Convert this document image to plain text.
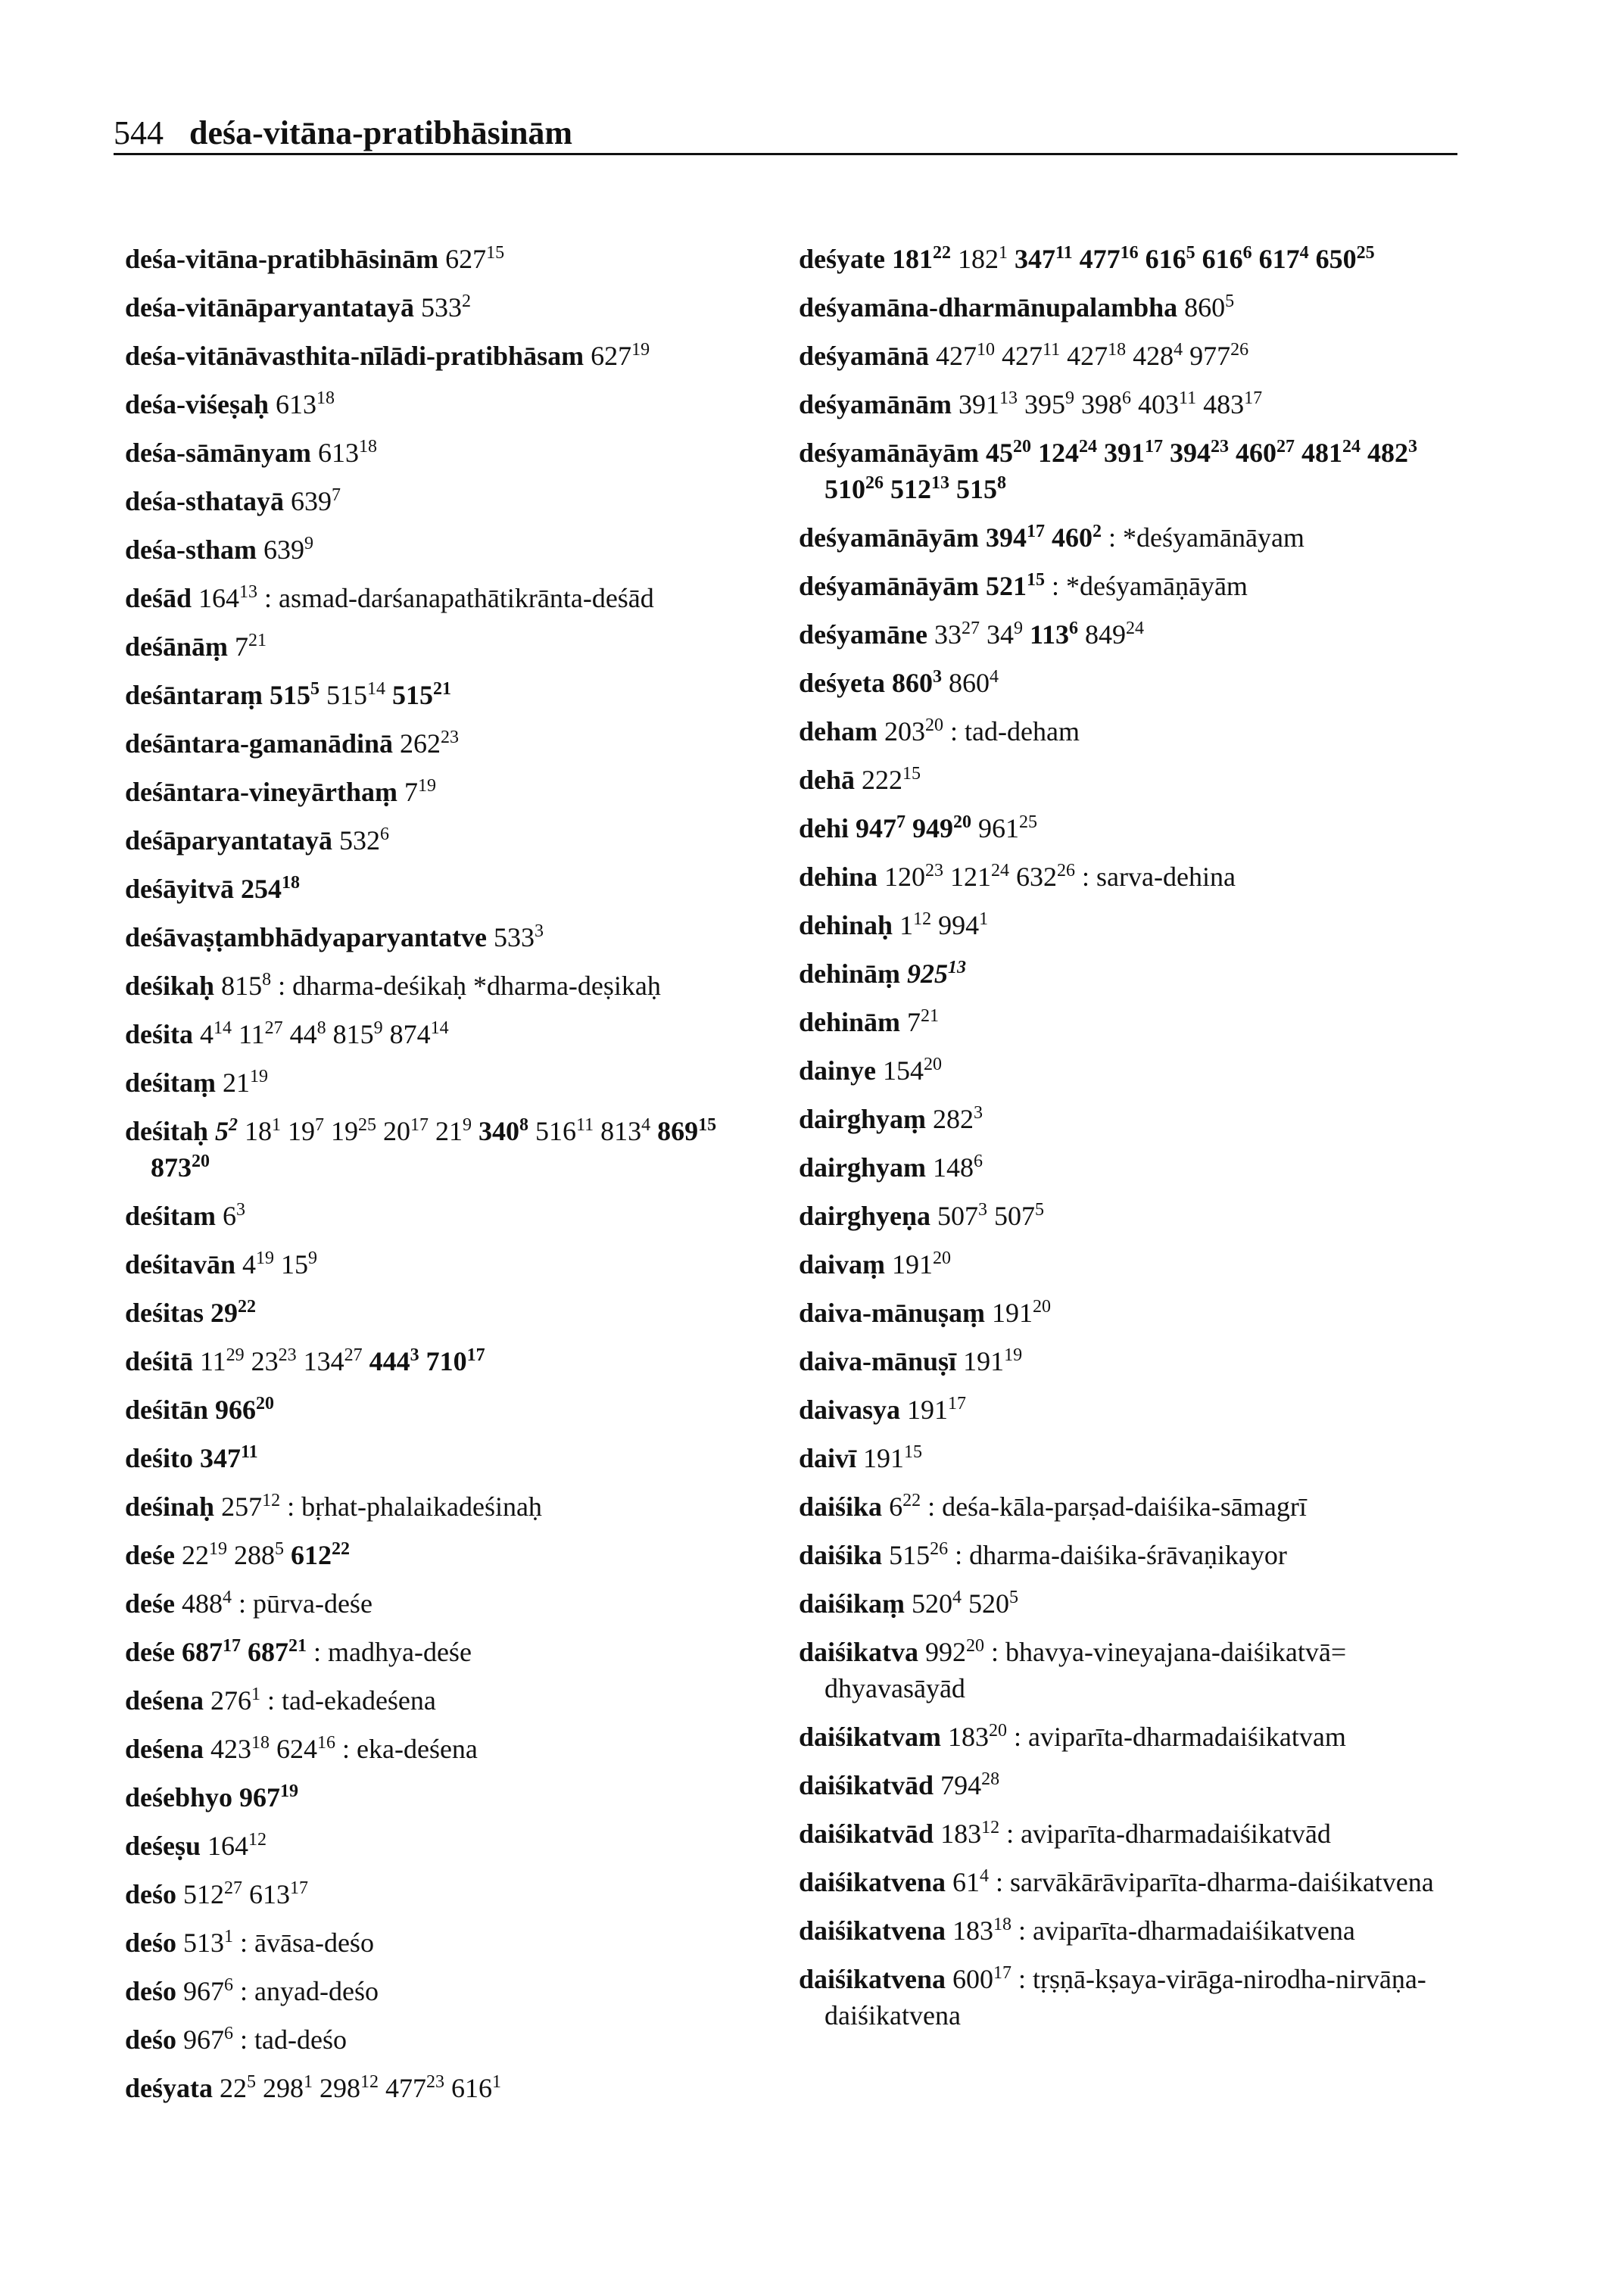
544 deśa-vitāna-pratibhāsinām
deśa-vitāna-pratibhāsinām $627^{15}$
deśa-vitānāparyantatayā $533^2$
deśa-vitānāvasthita-nīlādi-pratibhāsam $627^{19}$
deśa-viśeṣaḥ $613^{18}$
deśa-sāmānyam $613^{18}$
deśa-sthatayā $639^7$
deśa-stham $639^9$
deśād $164^{13}$ : asmad-darśanapathātikrānta-deśād
deśānāṃ $7^{21}$
deśāntaraṃ $515^5$ $515^{14}$ $515^{21}$
deśāntara-gamanādinā $262^{23}$
deśāntara-vineyārthaṃ $7^{19}$
deśāparyantatayā $532^6$
deśāyitvā $254^{18}$
deśāvaṣṭambhādyaparyantatve $533^3$
deśikaḥ $815^8$ : dharma-deśikaḥ *dharma-deṣikaḥ
deśita $4^{14}$ $11^{27}$ $44^8$ $815^9$ $874^{14}$
deśitaṃ $21^{19}$
deśitaḥ $5^2$ $18^1$ $19^7$ $19^{25}$ $20^{17}$ $21^9$ $340^8$ $516^{11}$ $813^4$ $869^{15}$ $873^{20}$
deśitam $6^3$
deśitavān $4^{19}$ $15^9$
deśitas $29^{22}$
deśitā $11^{29}$ $23^{23}$ $134^{27}$ $444^3$ $710^{17}$
deśitān $966^{20}$
deśito $347^{11}$
deśinaḥ $257^{12}$ : bṛhat-phalaikadeśinaḥ
deśe $22^{19}$ $288^5$ $612^{22}$
deśe $488^4$ : pūrva-deśe
deśe $687^{17}$ $687^{21}$ : madhya-deśe
deśena $276^1$ : tad-ekadeśena
deśena $423^{18}$ $624^{16}$ : eka-deśena
deśebhyo $967^{19}$
deśeṣu $164^{12}$
deśo $512^{27}$ $613^{17}$
deśo $513^1$ : āvāsa-deśo
deśo $967^6$ : anyad-deśo
deśo $967^6$ : tad-deśo
deśyata $22^5$ $298^1$ $298^{12}$ $477^{23}$ $616^1$
deśyate $181^{22}$ $182^1$ $347^{11}$ $477^{16}$ $616^5$ $616^6$ $617^4$ $650^{25}$
deśyamāna-dharmānupalambha $860^5$
deśyamānā $427^{10}$ $427^{11}$ $427^{18}$ $428^4$ $977^{26}$
deśyamānām $391^{13}$ $395^9$ $398^6$ $403^{11}$ $483^{17}$
deśyamānāyām $45^{20}$ $124^{24}$ $391^{17}$ $394^{23}$ $460^{27}$ $481^{24}$ $482^3$ $510^{26}$ $512^{13}$ $515^8$
deśyamānāyām $394^{17}$ $460^2$ : *deśyamānāyam
deśyamānāyām $521^{15}$ : *deśyamāṇāyām
deśyamāne $33^{27}$ $34^9$ $113^6$ $849^{24}$
deśyeta $860^3$ $860^4$
deham $203^{20}$ : tad-deham
dehā $222^{15}$
dehi $947^7$ $949^{20}$ $961^{25}$
dehina $120^{23}$ $121^{24}$ $632^{26}$ : sarva-dehina
dehinaḥ $1^{12}$ $994^1$
dehināṃ $925^{13}$
dehinām $7^{21}$
dainye $154^{20}$
dairghyaṃ $282^3$
dairghyam $148^6$
dairghyeṇa $507^3$ $507^5$
daivaṃ $191^{20}$
daiva-mānuṣaṃ $191^{20}$
daiva-mānuṣī $191^{19}$
daivasya $191^{17}$
daivī $191^{15}$
daiśika $6^{22}$ : deśa-kāla-parṣad-daiśika-sāmagrī
daiśika $515^{26}$ : dharma-daiśika-śrāvaṇikayor
daiśikaṃ $520^4$ $520^5$
daiśikatva $992^{20}$ : bhavya-vineyajana-daiśikatvā= dhyavasāyād
daiśikatvam $183^{20}$ : aviparīta-dharmadaiśikatvam
daiśikatvād $794^{28}$
daiśikatvād $183^{12}$ : aviparīta-dharmadaiśikatvād
daiśikatvena $61^4$ : sarvākārāviparīta-dharma-daiśikatvena
daiśikatvena $183^{18}$ : aviparīta-dharmadaiśikatvena
daiśikatvena $600^{17}$ : tṛṣṇā-kṣaya-virāga-nirodha-nirvāṇa-daiśikatvena
